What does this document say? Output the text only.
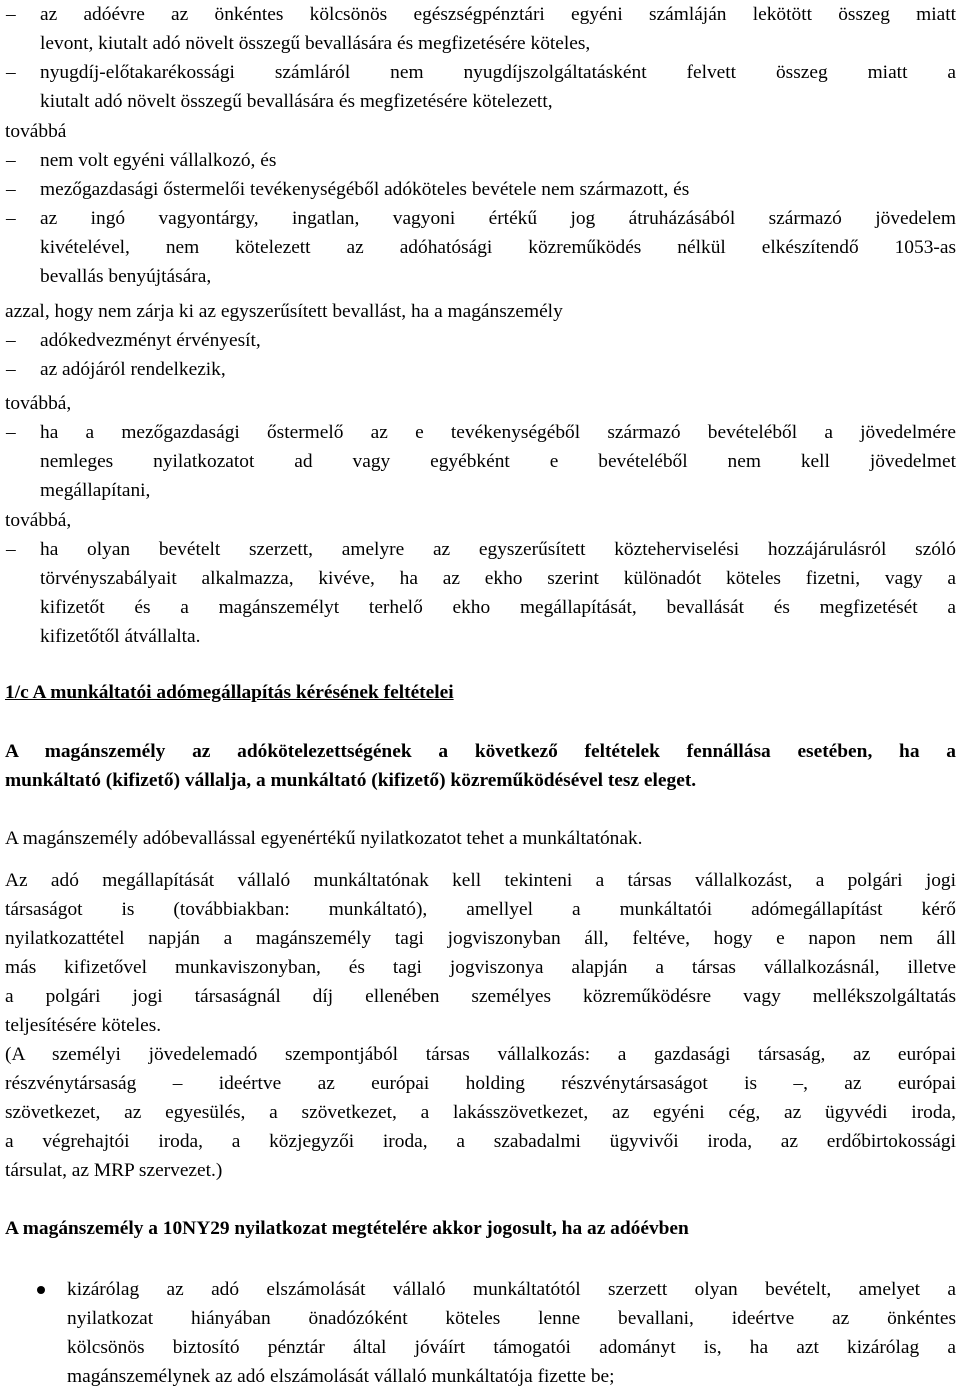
–	az adóévre az önkéntes kölcsönös egészségpénztári egyéni számláján lekötött összeg miatt
levont, kiutalt adó növelt összegű bevallására és megfizetésére köteles,
–	nyugdíj-előtakarékossági számláról nem nyugdíjszolgáltatásként felvett összeg miatt a
kiutalt adó növelt összegű bevallására és megfizetésére kötelezett,
továbbá
–	nem volt egyéni vállalkozó, és
–	mezőgazdasági őstermelői tevékenységéből adóköteles bevétele nem származott, és
–	az ingó vagyontárgy, ingatlan, vagyoni értékű jog átruházásából származó jövedelem
kivételével, nem kötelezett az adóhatósági közreműködés nélkül elkészítendő 1053-as
bevallás benyújtására,
azzal, hogy nem zárja ki az egyszerűsített bevallást, ha a magánszemély
–	adókedvezményt érvényesít,
–	az adójáról rendelkezik,
továbbá,
–	ha a mezőgazdasági őstermelő az e tevékenységéből származó bevételéből a jövedelmére
nemleges nyilatkozatot ad vagy egyébként e bevételéből nem kell jövedelmet
megállapítani,
továbbá,
–	ha olyan bevételt szerzett, amelyre az egyszerűsített közteherviselési hozzájárulásról szóló
törvényszabályait alkalmazza, kivéve, ha az ekho szerint különadót köteles fizetni, vagy a
kifizetőt és a magánszemélyt terhelő ekho megállapítását, bevallását és megfizetését a
kifizetőtől átvállalta.
1/c A munkáltatói adómegállapítás kérésének feltételei
A magánszemély az adókötelezettségének a következő feltételek fennállása esetében, ha a
munkáltató (kifizető) vállalja, a munkáltató (kifizető) közreműködésével tesz eleget.
A magánszemély adóbevallással egyenértékű nyilatkozatot tehet a munkáltatónak.
Az adó megállapítását vállaló munkáltatónak kell tekinteni a társas vállalkozást, a polgári jogi
társaságot is (továbbiakban: munkáltató), amellyel a munkáltatói adómegállapítást kérő
nyilatkozattétel napján a magánszemély tagi jogviszonyban áll, feltéve, hogy e napon nem áll
más kifizetővel munkaviszonyban, és tagi jogviszonya alapján a társas vállalkozásnál, illetve
a polgári jogi társaságnál díj ellenében személyes közreműködésre vagy mellékszolgáltatás
teljesítésére köteles.
(A személyi jövedelemadó szempontjából társas vállalkozás: a gazdasági társaság, az európai
részvénytársaság – ideértve az európai holding részvénytársaságot is –, az európai
szövetkezet, az egyesülés, a szövetkezet, a lakásszövetkezet, az egyéni cég, az ügyvédi iroda,
a végrehajtói iroda, a közjegyzői iroda, a szabadalmi ügyvivői iroda, az erdőbirtokossági
társulat, az MRP szervezet.)
A magánszemély a 10NY29 nyilatkozat megtételére akkor jogosult, ha az adóévben
kizárólag az adó elszámolását vállaló munkáltatótól szerzett olyan bevételt, amelyet a
nyilatkozat hiányában önadózóként köteles lenne bevallani, ideértve az önkéntes
kölcsönös biztosító pénztár által jóváírt támogatói adományt is, ha azt kizárólag a
magánszemélynek az adó elszámolását vállaló munkáltatója fizette be;
